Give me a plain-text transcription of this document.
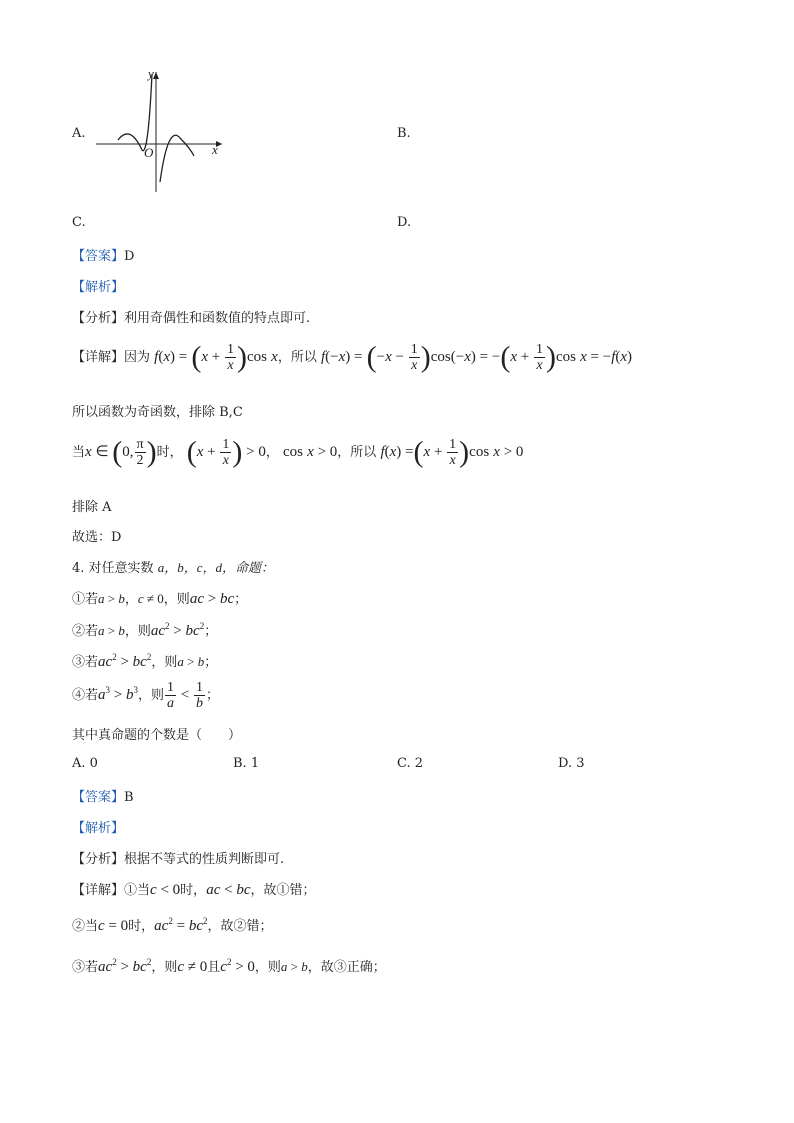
A.	B.
C.	D.
y
x
O
【答案】D
【解析】
【分析】利用奇偶性和函数值的特点即可.
【详解】因为 $f(x) = (x + \frac{1}{x} )\cos$ x，所以 $f(-x) = (-x - \frac{1}{x} )\cos(-x) = -(x + \frac{1}{x} )\cos$ x = −f(x)
所以函数为奇函数，排除 B,C
当x ∈ (0, $\frac{\pi}{2}$ )时， ($x + \frac{1}{x}$ ) > 0， cos x > 0，所以 $f(x) =(x + \frac{1}{x} )\cos$ x > 0
排除 A
故选：D
4. 对任意实数 a，b，c，d，命题：
①若a > b，c ≠ 0，则ac > bc；
②若a > b，则$ac^2 > bc^2$；
③若$ac^2 > bc^2$，则a > b；
④若$a^3 > b^3$，则 $\frac{1}{a} < \frac{1}{b}$ ；
其中真命题的个数是（　　）
A. 0	B. 1	C. 2	D. 3
【答案】B
【解析】
【分析】根据不等式的性质判断即可.
【详解】①当c < 0时，ac < bc，故①错；
②当c = 0时，$ac^2 = bc^2$，故②错；
③若$ac^2 > bc^2$，则c ≠ 0且$c^2 > 0$，则a > b，故③正确；
